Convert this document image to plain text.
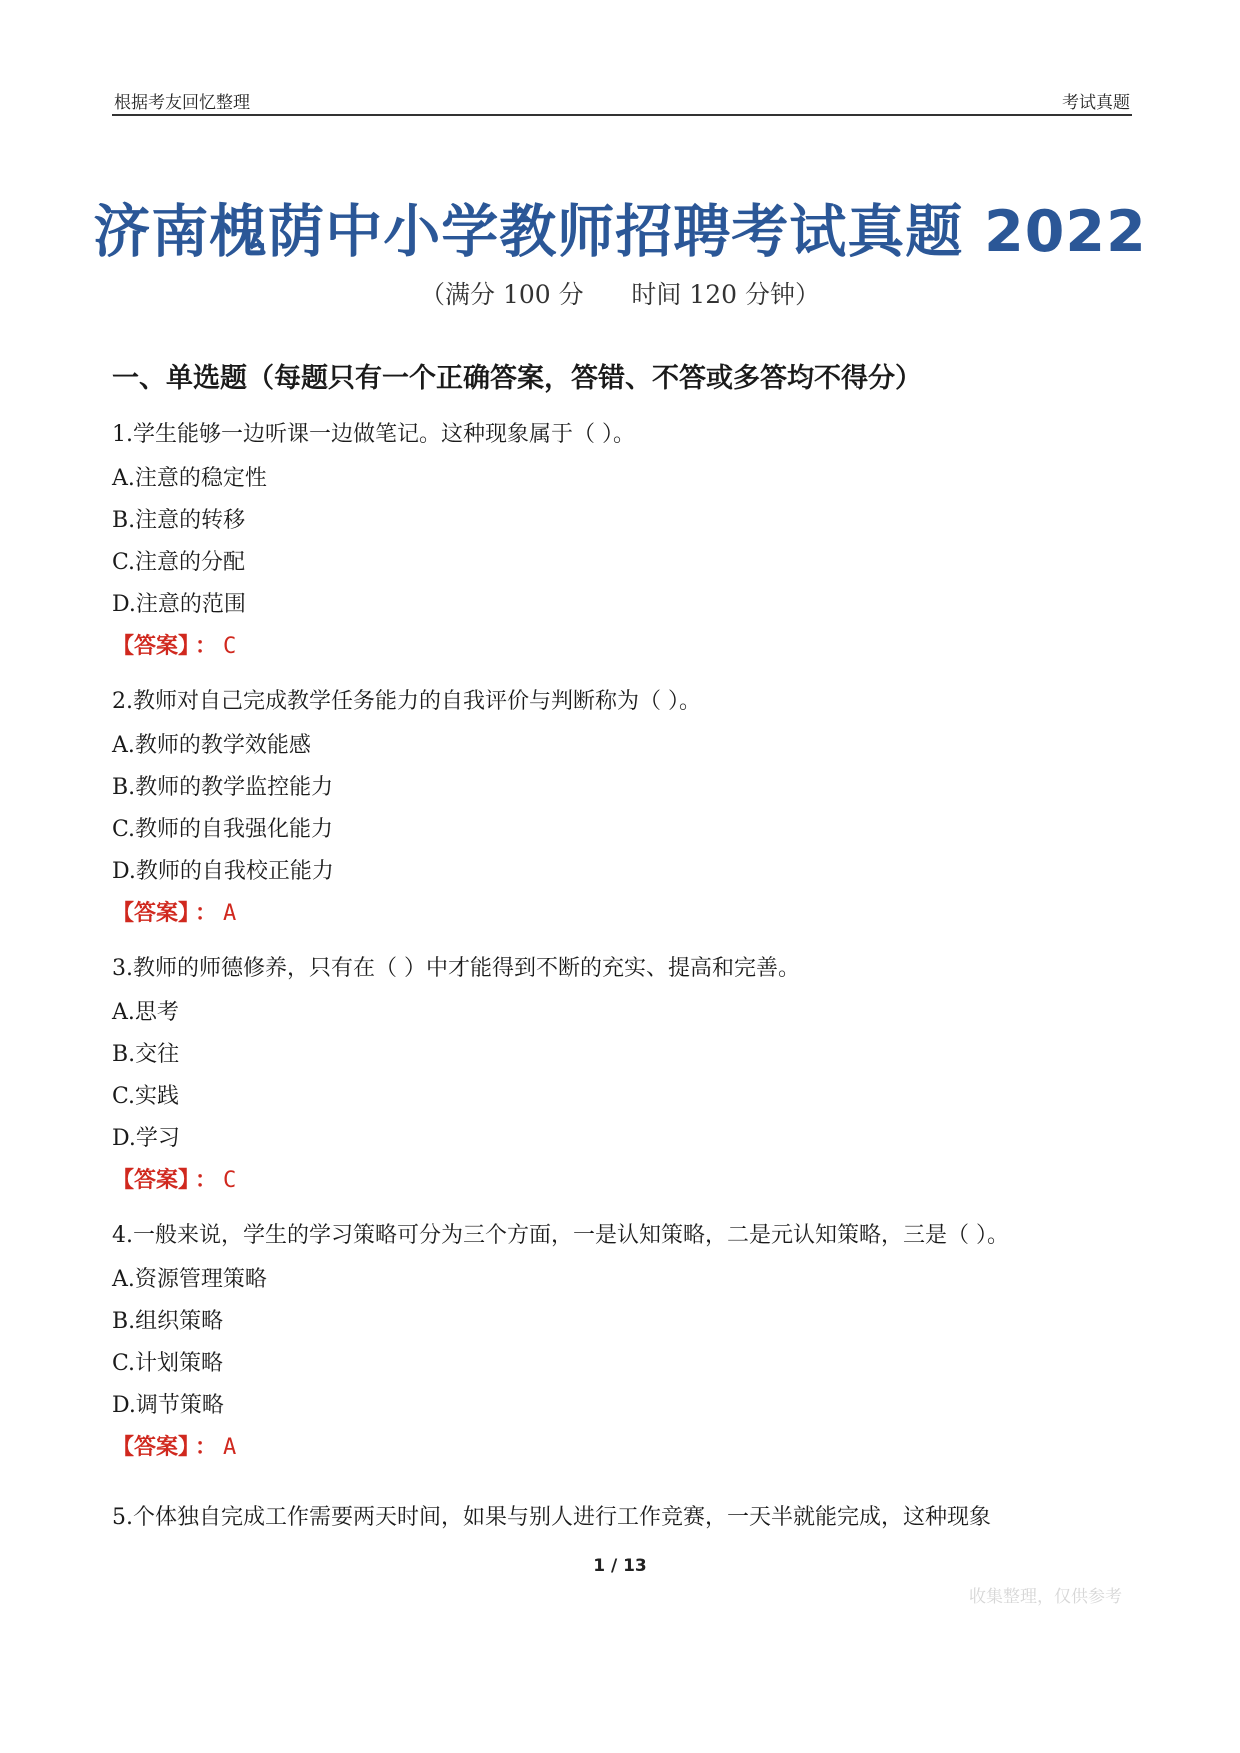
根据考友回忆整理	考试真题
济南槐荫中小学教师招聘考试真题 2022
（满分 100 分      时间 120 分钟）
一、单选题（每题只有一个正确答案，答错、不答或多答均不得分）
1.学生能够一边听课一边做笔记。这种现象属于（ ）。
A.注意的稳定性
B.注意的转移
C.注意的分配
D.注意的范围
【答案】 ： C
2.教师对自己完成教学任务能力的自我评价与判断称为（ ）。
A.教师的教学效能感
B.教师的教学监控能力
C.教师的自我强化能力
D.教师的自我校正能力
【答案】 ： A
3.教师的师德修养，只有在（ ）中才能得到不断的充实、提高和完善。
A.思考
B.交往
C.实践
D.学习
【答案】 ： C
4.一般来说，学生的学习策略可分为三个方面，一是认知策略，二是元认知策略，三是（ ）。
A.资源管理策略
B.组织策略
C.计划策略
D.调节策略
【答案】 ： A
5.个体独自完成工作需要两天时间，如果与别人进行工作竞赛，一天半就能完成，这种现象
1 / 13
收集整理，仅供参考
